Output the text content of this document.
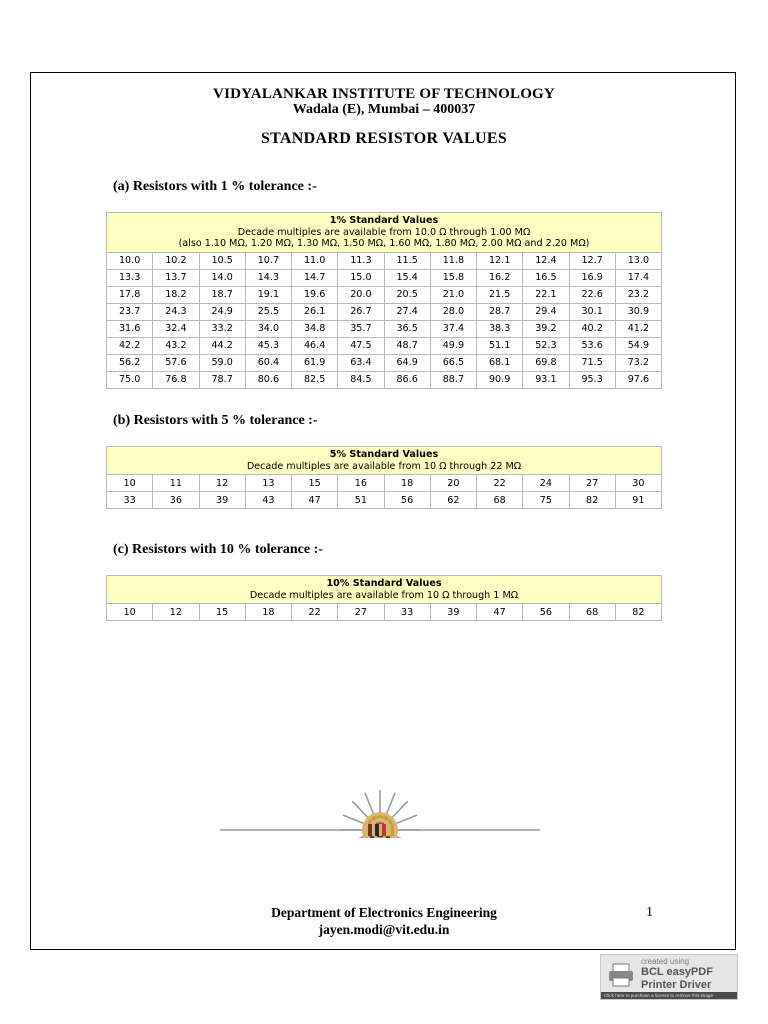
VIDYALANKAR INSTITUTE OF TECHNOLOGY
Wadala (E), Mumbai – 400037
STANDARD RESISTOR VALUES
(a) Resistors with 1 % tolerance :-
1% Standard Values
Decade multiples are available from 10.0 Ω through 1.00 MΩ
(also 1.10 MΩ, 1.20 MΩ, 1.30 MΩ, 1.50 MΩ, 1.60 MΩ, 1.80 MΩ, 2.00 MΩ and 2.20 MΩ)											

10.0	10.2	10.5	10.7	11.0	11.3	11.5	11.8	12.1	12.4	12.7	13.0
13.3	13.7	14.0	14.3	14.7	15.0	15.4	15.8	16.2	16.5	16.9	17.4
17.8	18.2	18.7	19.1	19.6	20.0	20.5	21.0	21.5	22.1	22.6	23.2
23.7	24.3	24.9	25.5	26.1	26.7	27.4	28.0	28.7	29.4	30.1	30.9
31.6	32.4	33.2	34.0	34.8	35.7	36.5	37.4	38.3	39.2	40.2	41.2
42.2	43.2	44.2	45.3	46.4	47.5	48.7	49.9	51.1	52.3	53.6	54.9
56.2	57.6	59.0	60.4	61.9	63.4	64.9	66.5	68.1	69.8	71.5	73.2
75.0	76.8	78.7	80.6	82.5	84.5	86.6	88.7	90.9	93.1	95.3	97.6
(b) Resistors with 5 % tolerance :-
5% Standard Values
Decade multiples are available from 10 Ω through 22 MΩ											

10	11	12	13	15	16	18	20	22	24	27	30
33	36	39	43	47	51	56	62	68	75	82	91
(c) Resistors with 10 % tolerance :-
10% Standard Values
Decade multiples are available from 10 Ω through 1 MΩ

10	12	15	18	22	27	33	39	47	56	68	82
Department of Electronics Engineering
jayen.modi@vit.edu.in
1
created using
BCL easyPDF
Printer Driver
Click here to purchase a license to remove this image
